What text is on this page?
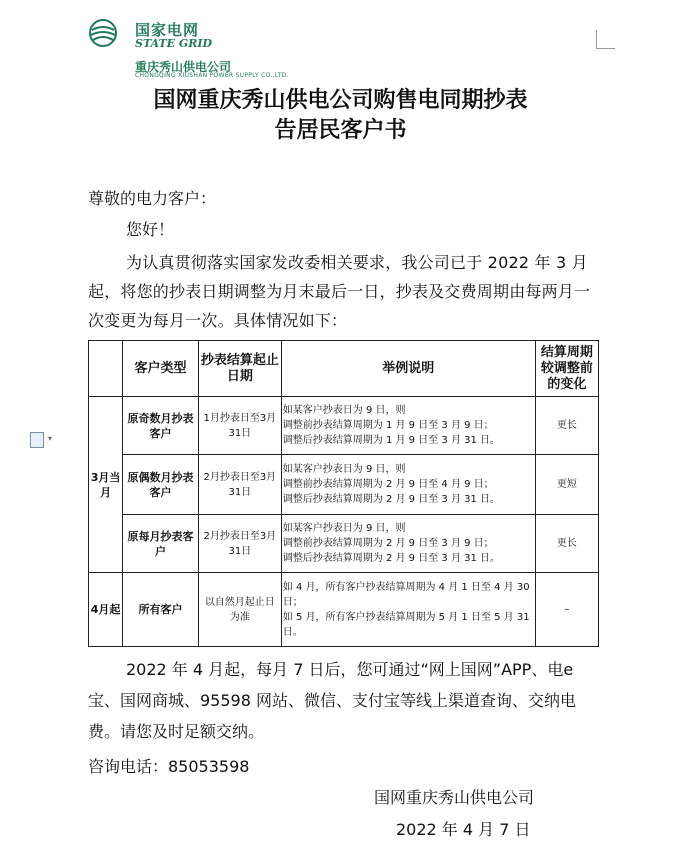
国家电网
STATE GRID
重庆秀山供电公司
CHONGQING XIUSHAN POWER SUPPLY CO.,LTD.
国网重庆秀山供电公司购售电同期抄表
告居民客户书
尊敬的电力客户：
您好！
为认真贯彻落实国家发改委相关要求，我公司已于 2022 年 3 月起，将您的抄表日期调整为月末最后一日，抄表及交费周期由每两月一次变更为每月一次。具体情况如下：
▾
	客户类型	抄表结算起止日期	举例说明	结算周期较调整前的变化
3月当月	原奇数月抄表客户	1月抄表日至3月31日	如某客户抄表日为 9 日，则
调整前抄表结算周期为 1 月 9 日至 3 月 9 日；
调整后抄表结算周期为 1 月 9 日至 3 月 31 日。	更长
	原偶数月抄表客户	2月抄表日至3月31日	如某客户抄表日为 9 日，则
调整前抄表结算周期为 2 月 9 日至 4 月 9 日；
调整后抄表结算周期为 2 月 9 日至 3 月 31 日。	更短
	原每月抄表客户	2月抄表日至3月31日	如某客户抄表日为 9 日，则
调整前抄表结算周期为 2 月 9 日至 3 月 9 日；
调整后抄表结算周期为 2 月 9 日至 3 月 31 日。	更长
4月起	所有客户	以自然月起止日为准	如 4 月，所有客户抄表结算周期为 4 月 1 日至 4 月 30 日；
如 5 月，所有客户抄表结算周期为 5 月 1 日至 5 月 31 日。	–
2022 年 4 月起，每月 7 日后，您可通过“网上国网”APP、电e宝、国网商城、95598 网站、微信、支付宝等线上渠道查询、交纳电费。请您及时足额交纳。
咨询电话：85053598
国网重庆秀山供电公司
2022 年 4 月 7 日
